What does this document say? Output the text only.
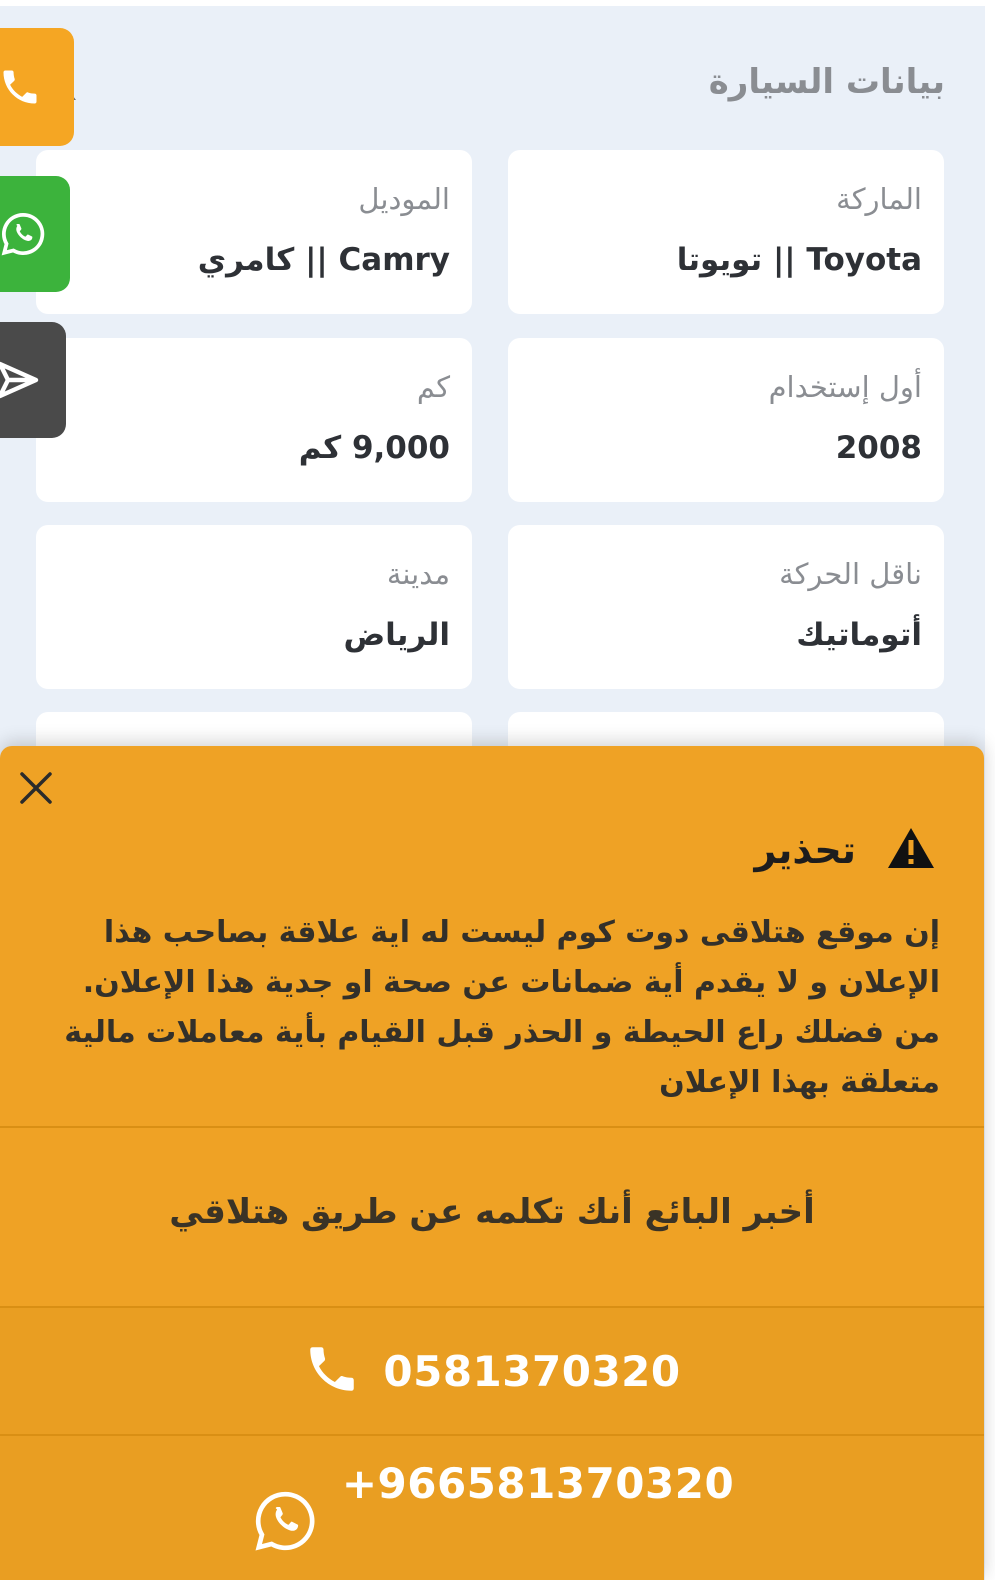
بيانات السيارة
الماركة
Toyota || تويوتا
الموديل
Camry || كامري
أول إستخدام
2008
كم
9,000 كم
ناقل الحركة
أتوماتيك
مدينة
الرياض
تحذير
إن موقع هتلاقى دوت كوم ليست له اية علاقة بصاحب هذا الإعلان و لا يقدم أية ضمانات عن صحة او جدية هذا الإعلان. من فضلك راع الحيطة و الحذر قبل القيام بأية معاملات مالية متعلقة بهذا الإعلان
أخبر البائع أنك تكلمه عن طريق هتلاقي
0581370320
+966581370320
